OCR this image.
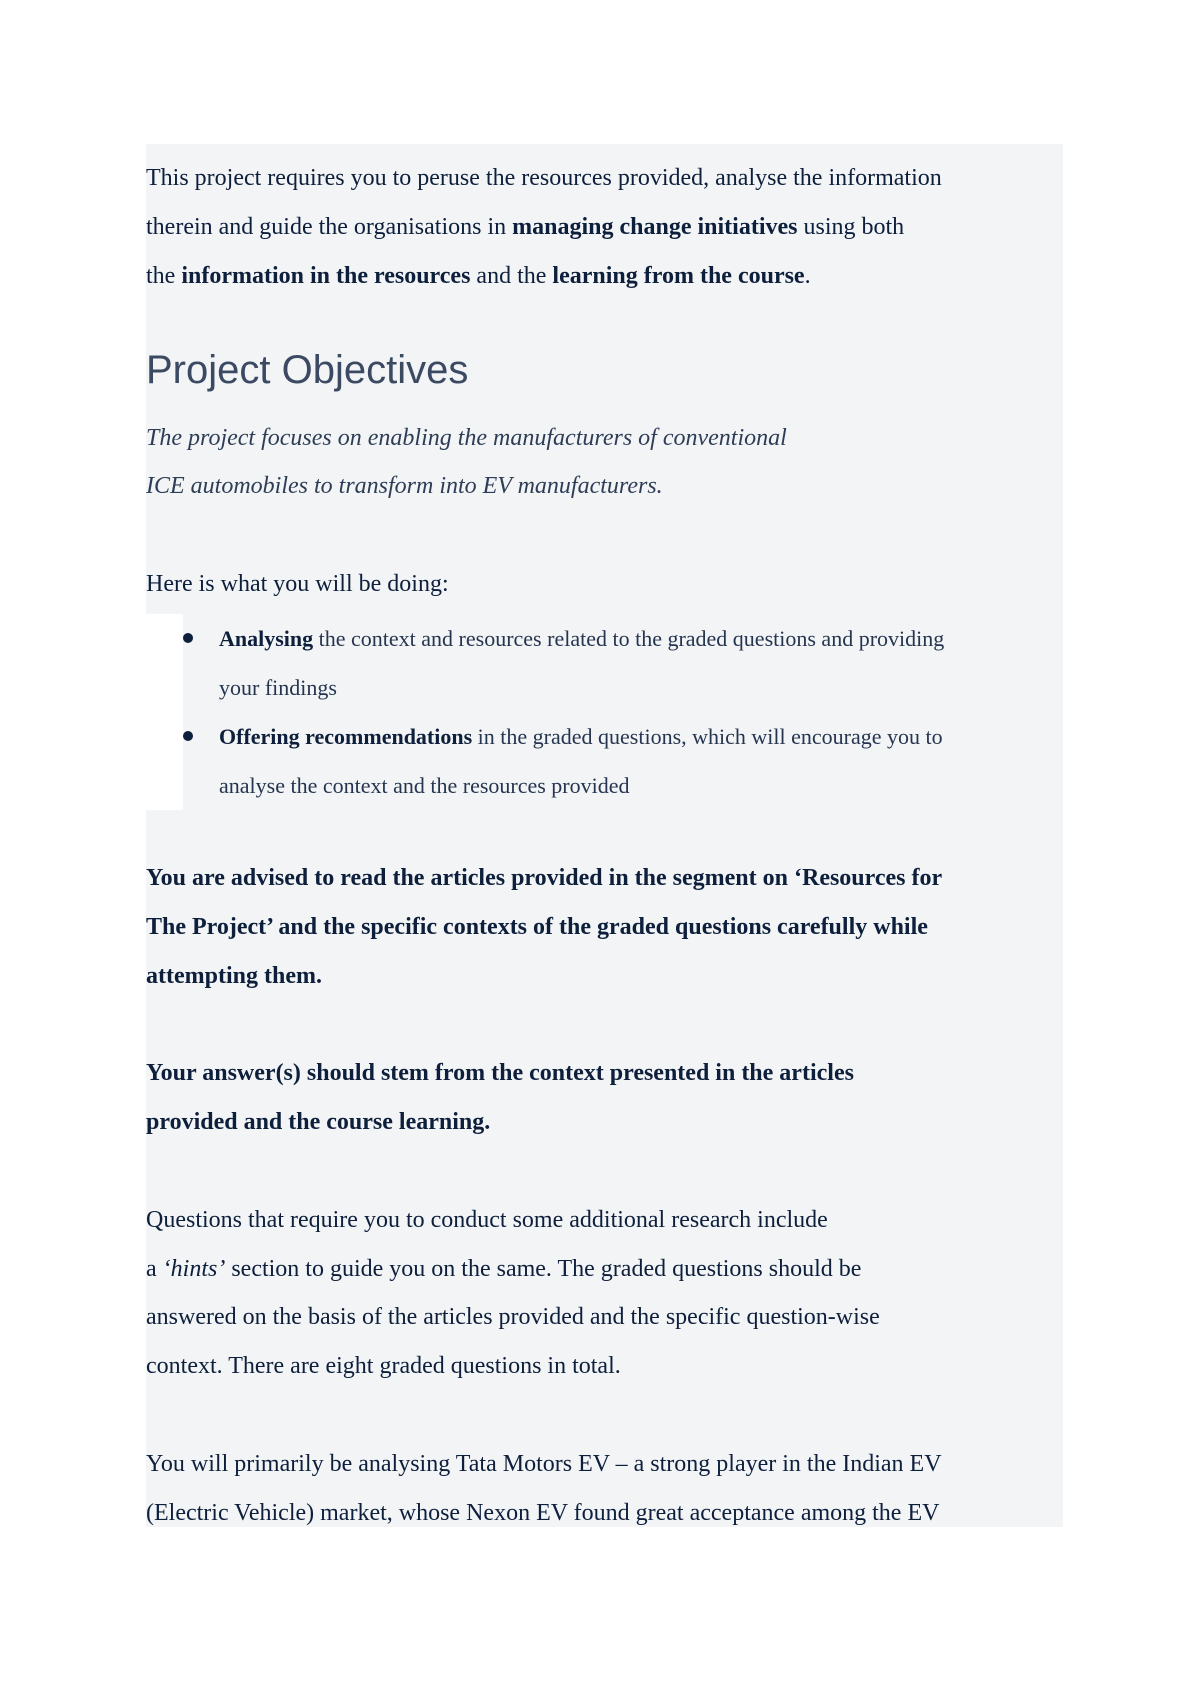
This project requires you to peruse the resources provided, analyse the information

therein and guide the organisations in managing change initiatives using both

the information in the resources and the learning from the course.

Project Objectives

The project focuses on enabling the manufacturers of conventional

ICE automobiles to transform into EV manufacturers.

Here is what you will be doing:

Analysing the context and resources related to the graded questions and providing
your findings
Offering recommendations in the graded questions, which will encourage you to
analyse the context and the resources provided

You are advised to read the articles provided in the segment on ‘Resources for

The Project’ and the specific contexts of the graded questions carefully while

attempting them.

Your answer(s) should stem from the context presented in the articles

provided and the course learning.

Questions that require you to conduct some additional research include

a ‘hints’ section to guide you on the same. The graded questions should be

answered on the basis of the articles provided and the specific question-wise

context. There are eight graded questions in total.

You will primarily be analysing Tata Motors EV – a strong player in the Indian EV

(Electric Vehicle) market, whose Nexon EV found great acceptance among the EV
